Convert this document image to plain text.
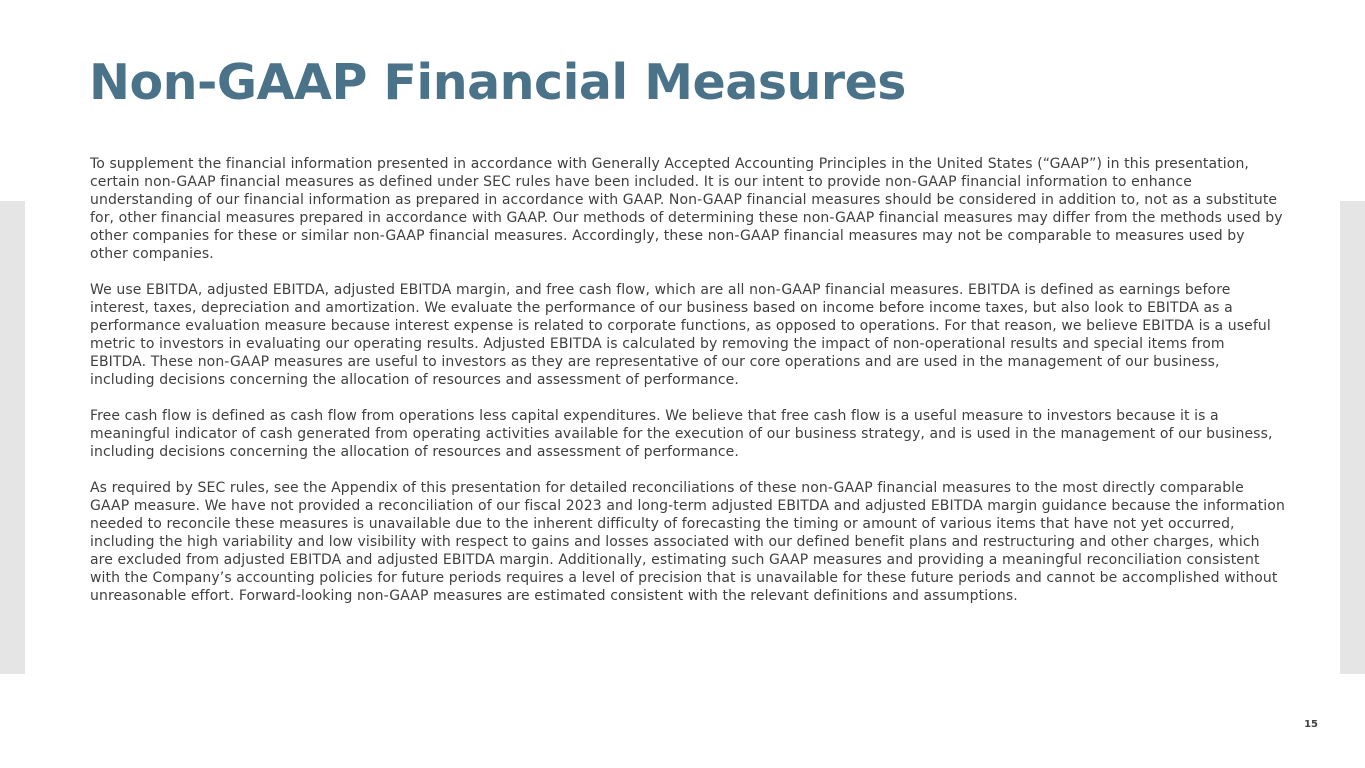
Non-GAAP Financial Measures

To supplement the financial information presented in accordance with Generally Accepted Accounting Principles in the United States (“GAAP”) in this presentation, certain non-GAAP financial measures as defined under SEC rules have been included. It is our intent to provide non-GAAP financial information to enhance understanding of our financial information as prepared in accordance with GAAP. Non-GAAP financial measures should be considered in addition to, not as a substitute for, other financial measures prepared in accordance with GAAP. Our methods of determining these non-GAAP financial measures may differ from the methods used by other companies for these or similar non-GAAP financial measures. Accordingly, these non-GAAP financial measures may not be comparable to measures used by other companies.

We use EBITDA, adjusted EBITDA, adjusted EBITDA margin, and free cash flow, which are all non-GAAP financial measures. EBITDA is defined as earnings before interest, taxes, depreciation and amortization. We evaluate the performance of our business based on income before income taxes, but also look to EBITDA as a performance evaluation measure because interest expense is related to corporate functions, as opposed to operations. For that reason, we believe EBITDA is a useful metric to investors in evaluating our operating results. Adjusted EBITDA is calculated by removing the impact of non-operational results and special items from EBITDA. These non-GAAP measures are useful to investors as they are representative of our core operations and are used in the management of our business, including decisions concerning the allocation of resources and assessment of performance.

Free cash flow is defined as cash flow from operations less capital expenditures. We believe that free cash flow is a useful measure to investors because it is a meaningful indicator of cash generated from operating activities available for the execution of our business strategy, and is used in the management of our business, including decisions concerning the allocation of resources and assessment of performance.

As required by SEC rules, see the Appendix of this presentation for detailed reconciliations of these non-GAAP financial measures to the most directly comparable GAAP measure. We have not provided a reconciliation of our fiscal 2023 and long-term adjusted EBITDA and adjusted EBITDA margin guidance because the information needed to reconcile these measures is unavailable due to the inherent difficulty of forecasting the timing or amount of various items that have not yet occurred, including the high variability and low visibility with respect to gains and losses associated with our defined benefit plans and restructuring and other charges, which are excluded from adjusted EBITDA and adjusted EBITDA margin. Additionally, estimating such GAAP measures and providing a meaningful reconciliation consistent with the Company’s accounting policies for future periods requires a level of precision that is unavailable for these future periods and cannot be accomplished without unreasonable effort. Forward-looking non-GAAP measures are estimated consistent with the relevant definitions and assumptions.

15
